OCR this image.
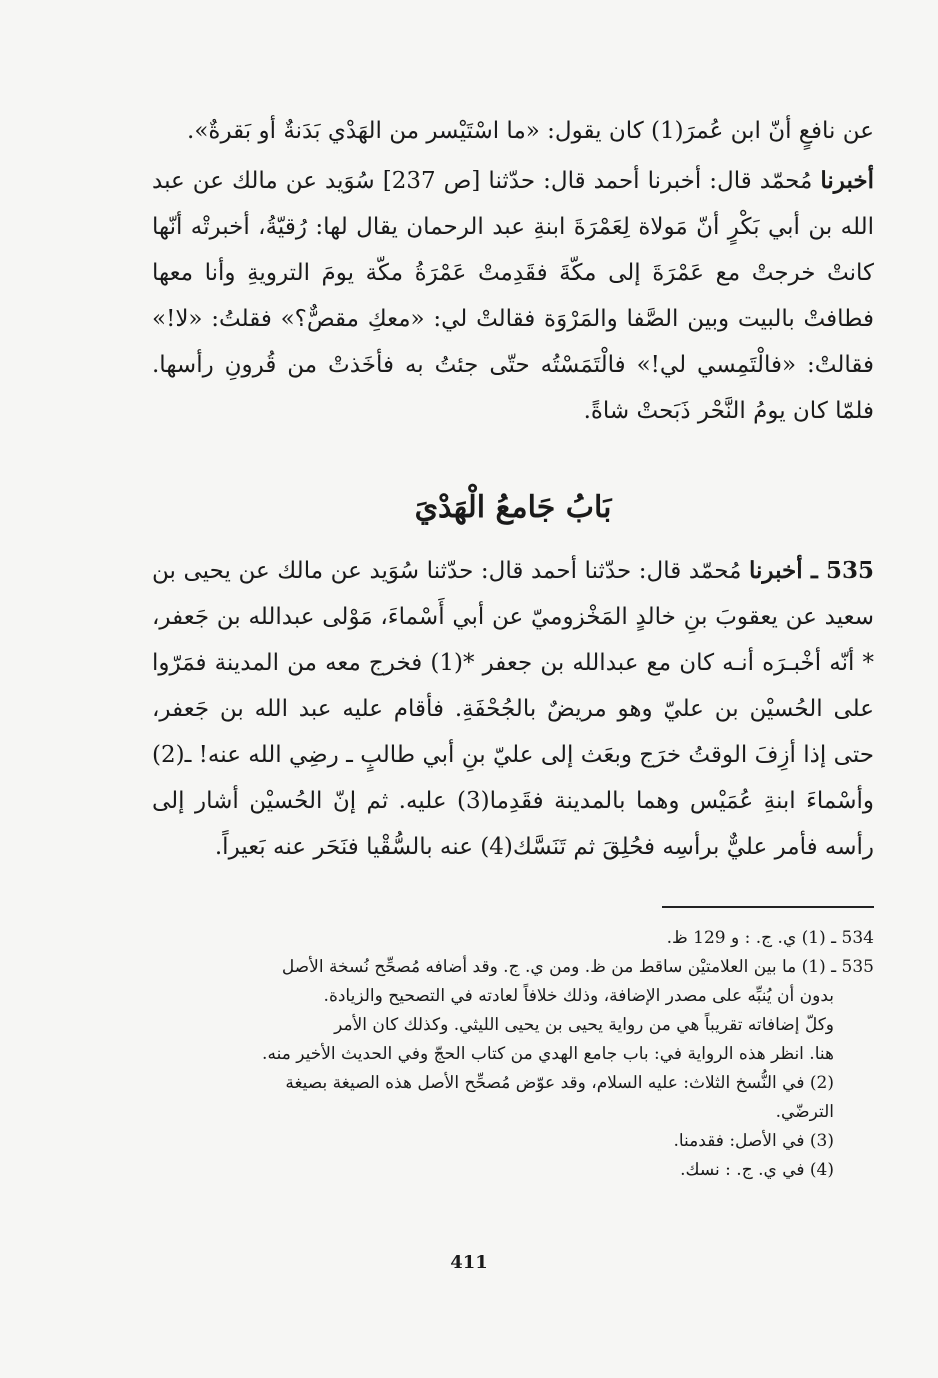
عن نافعٍ أنّ ابن عُمرَ(1) كان يقول: «ما اسْتَيْسر من الهَدْي بَدَنةٌ أو بَقرةٌ».

أخبرنا مُحمّد قال: أخبرنا أحمد قال: حدّثنا [ص 237] سُوَيد عن مالك عن عبد الله بن أبي بَكْرٍ أنّ مَولاة لِعَمْرَةَ ابنةِ عبد الرحمان يقال لها: رُقيّةُ، أخبرتْه أنّها كانتْ خرجتْ مع عَمْرَةَ إلى مكّةَ فقَدِمتْ عَمْرَةُ مكّة يومَ الترويةِ وأنا معها فطافتْ بالبيت وبين الصَّفا والمَرْوَة فقالتْ لي: «معكِ مقصٌّ؟» فقلتُ: «لا!» فقالتْ: «فالْتَمِسي لي!» فالْتَمَسْتُه حتّى جئتُ به فأخَذتْ من قُرونِ رأسها. فلمّا كان يومُ النَّحْر ذَبَحتْ شاةً.

بَابُ جَامعُ الْهَدْيَ

535 ـ أخبرنا مُحمّد قال: حدّثنا أحمد قال: حدّثنا سُوَيد عن مالك عن يحيى بن سعيد عن يعقوبَ بنِ خالدٍ المَخْزوميّ عن أبي أَسْماءَ، مَوْلى عبدالله بن جَعفر، * أنّه أخْبـرَه أنـه كان مع عبدالله بن جعفر *(1) فخرج معه من المدينة فمَرّوا على الحُسيْن بن عليّ وهو مريضٌ بالجُحْفَةِ. فأقام عليه عبد الله بن جَعفر، حتى إذا أزِفَ الوقتُ خرَج وبعَث إلى عليّ بنِ أبي طالبٍ ـ رضِي الله عنه! ـ(2) وأسْماءَ ابنةِ عُمَيْس وهما بالمدينة فقَدِما(3) عليه. ثم إنّ الحُسيْن أشار إلى رأسه فأمر عليٌّ برأسِه فحُلِقَ ثم تَنَسَّك(4) عنه بالسُّقْيا فنَحَر عنه بَعيراً.

534 ـ (1) ي. ج. : و 129 ظ.

535 ـ (1) ما بين العلامتيْن ساقط من ظ. ومن ي. ج. وقد أضافه مُصحِّح نُسخة الأصل

بدون أن يُنبِّه على مصدر الإضافة، وذلك خلافاً لعادته في التصحيح والزيادة.

وكلّ إضافاته تقريباً هي من رواية يحيى بن يحيى الليثي. وكذلك كان الأمر

هنا. انظر هذه الرواية في: باب جامع الهدي من كتاب الحجّ وفي الحديث الأخير منه.

(2) في النُّسخ الثلاث: عليه السلام، وقد عوّض مُصحِّح الأصل هذه الصيغة بصيغة

الترضّي.

(3) في الأصل: فقدمنا.

(4) في ي. ج. : نسك.

411
